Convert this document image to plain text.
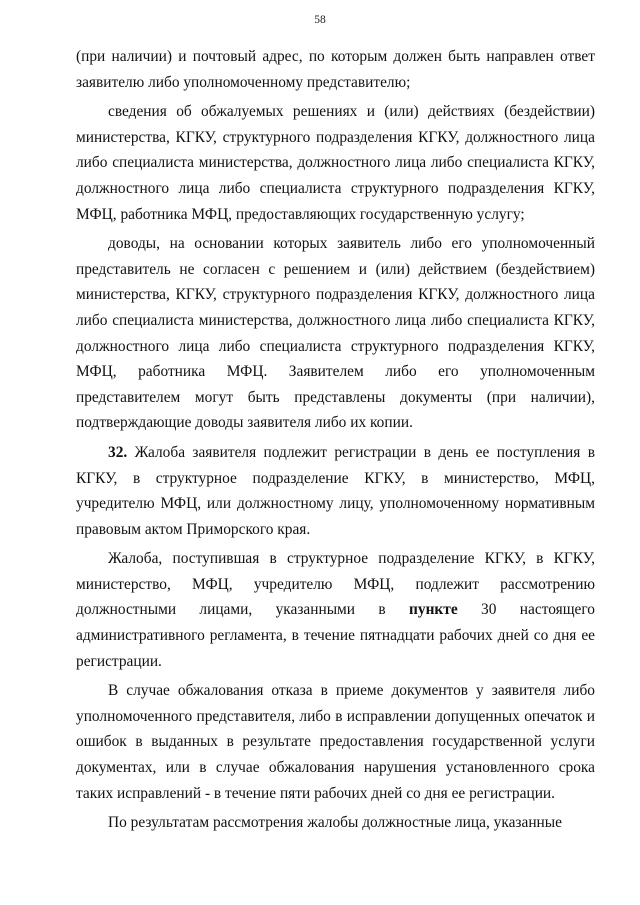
58

(при наличии) и почтовый адрес, по которым должен быть направлен ответ заявителю либо уполномоченному представителю;

сведения об обжалуемых решениях и (или) действиях (бездействии) министерства, КГКУ, структурного подразделения КГКУ, должностного лица либо специалиста министерства, должностного лица либо специалиста КГКУ, должностного лица либо специалиста структурного подразделения КГКУ, МФЦ, работника МФЦ, предоставляющих государственную услугу;

доводы, на основании которых заявитель либо его уполномоченный представитель не согласен с решением и (или) действием (бездействием) министерства, КГКУ, структурного подразделения КГКУ, должностного лица либо специалиста министерства, должностного лица либо специалиста КГКУ, должностного лица либо специалиста структурного подразделения КГКУ, МФЦ, работника МФЦ. Заявителем либо его уполномоченным представителем могут быть представлены документы (при наличии), подтверждающие доводы заявителя либо их копии.

32. Жалоба заявителя подлежит регистрации в день ее поступления в КГКУ, в структурное подразделение КГКУ, в министерство, МФЦ, учредителю МФЦ, или должностному лицу, уполномоченному нормативным правовым актом Приморского края.

Жалоба, поступившая в структурное подразделение КГКУ, в КГКУ, министерство, МФЦ, учредителю МФЦ, подлежит рассмотрению должностными лицами, указанными в пункте 30 настоящего административного регламента, в течение пятнадцати рабочих дней со дня ее регистрации.

В случае обжалования отказа в приеме документов у заявителя либо уполномоченного представителя, либо в исправлении допущенных опечаток и ошибок в выданных в результате предоставления государственной услуги документах, или в случае обжалования нарушения установленного срока таких исправлений - в течение пяти рабочих дней со дня ее регистрации.

По результатам рассмотрения жалобы должностные лица, указанные
